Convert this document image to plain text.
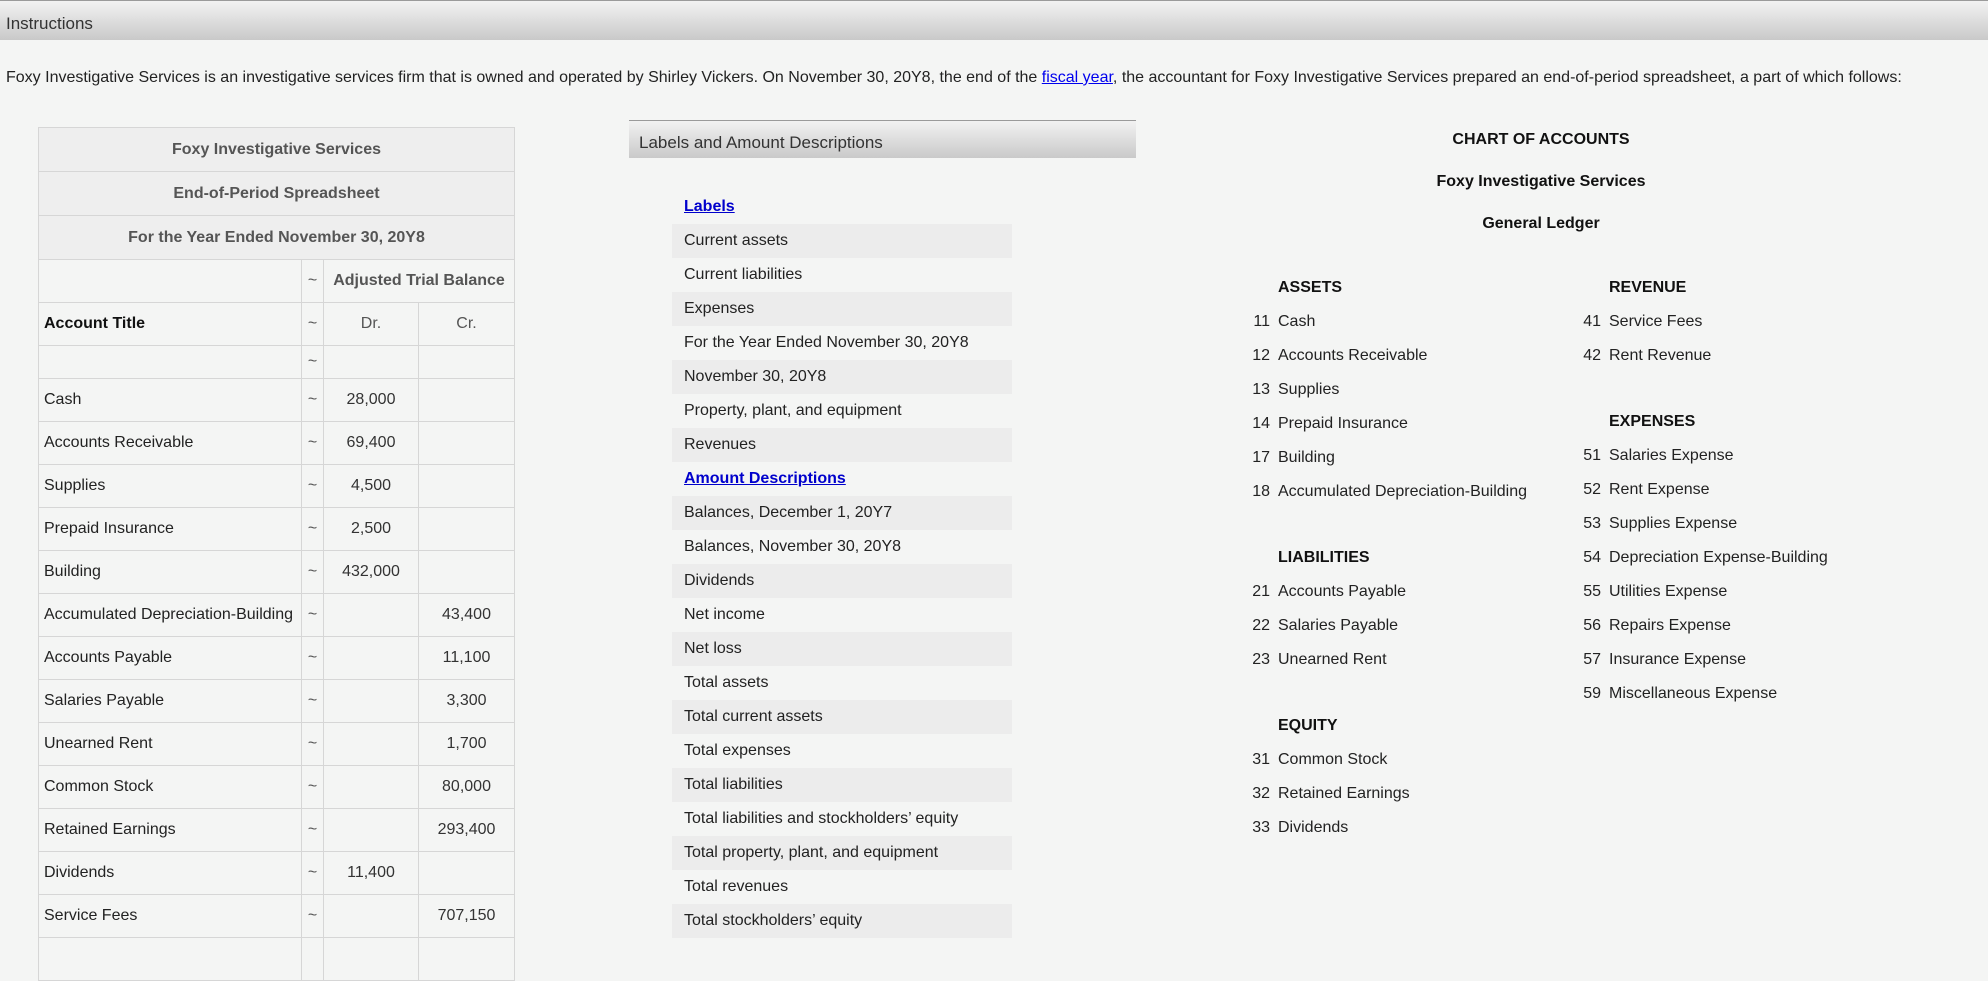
Instructions
Foxy Investigative Services is an investigative services firm that is owned and operated by Shirley Vickers. On November 30, 20Y8, the end of the fiscal year, the accountant for Foxy Investigative Services prepared an end-of-period spreadsheet, a part of which follows:
Foxy Investigative Services			
End-of-Period Spreadsheet			
For the Year Ended November 30, 20Y8			
	~	Adjusted Trial Balance	
Account Title	~	Dr.	Cr.
	~		
Cash	~	28,000	
Accounts Receivable	~	69,400	
Supplies	~	4,500	
Prepaid Insurance	~	2,500	
Building	~	432,000	
Accumulated Depreciation-Building	~		43,400
Accounts Payable	~		11,100
Salaries Payable	~		3,300
Unearned Rent	~		1,700
Common Stock	~		80,000
Retained Earnings	~		293,400
Dividends	~	11,400	
Service Fees	~		707,150

Labels and Amount Descriptions
Labels
Current assets
Current liabilities
Expenses
For the Year Ended November 30, 20Y8
November 30, 20Y8
Property, plant, and equipment
Revenues
Amount Descriptions
Balances, December 1, 20Y7
Balances, November 30, 20Y8
Dividends
Net income
Net loss
Total assets
Total current assets
Total expenses
Total liabilities
Total liabilities and stockholders’ equity
Total property, plant, and equipment
Total revenues
Total stockholders’ equity
CHART OF ACCOUNTS
Foxy Investigative Services
General Ledger
ASSETS
11 Cash
12 Accounts Receivable
13 Supplies
14 Prepaid Insurance
17 Building
18 Accumulated Depreciation-Building
LIABILITIES
21 Accounts Payable
22 Salaries Payable
23 Unearned Rent
EQUITY
31 Common Stock
32 Retained Earnings
33 Dividends
REVENUE
41 Service Fees
42 Rent Revenue
EXPENSES
51 Salaries Expense
52 Rent Expense
53 Supplies Expense
54 Depreciation Expense-Building
55 Utilities Expense
56 Repairs Expense
57 Insurance Expense
59 Miscellaneous Expense
